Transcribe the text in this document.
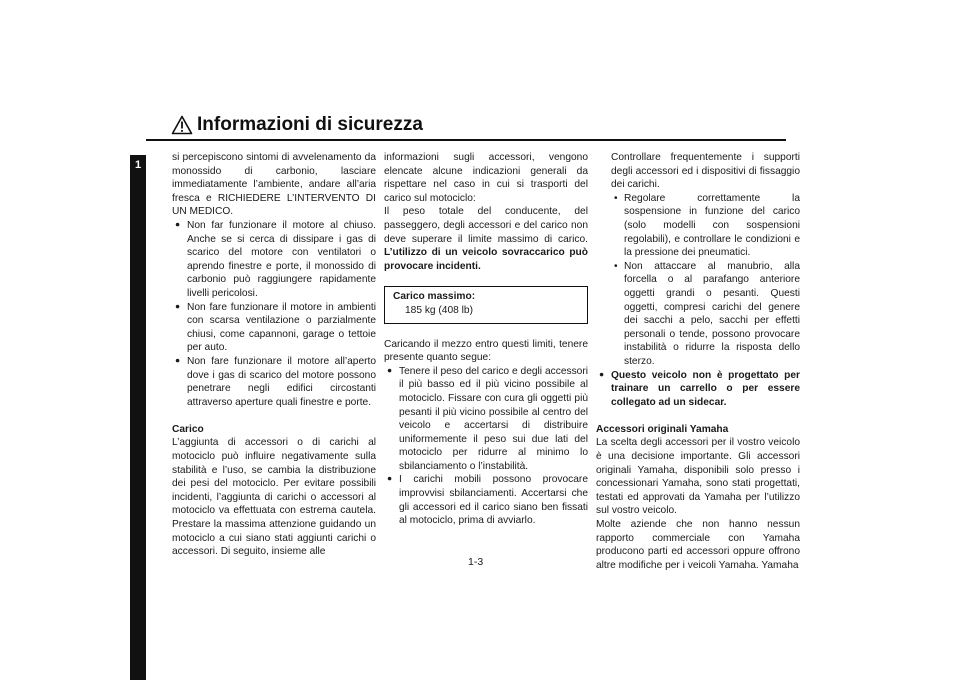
1
Informazioni di sicurezza

si percepiscono sintomi di avvelenamento da monossido di carbonio, lasciare immediatamente l’ambiente, andare all’aria fresca e RICHIEDERE L’INTERVENTO DI UN MEDICO.

● Non far funzionare il motore al chiuso. Anche se si cerca di dissipare i gas di scarico del motore con ventilatori o aprendo finestre e porte, il monossido di carbonio può raggiungere rapidamente livelli pericolosi.

● Non fare funzionare il motore in ambienti con scarsa ventilazione o parzialmente chiusi, come capannoni, garage o tettoie per auto.

● Non fare funzionare il motore all’aperto dove i gas di scarico del motore possono penetrare negli edifici circostanti attraverso aperture quali finestre e porte.

Carico

L’aggiunta di accessori o di carichi al motociclo può influire negativamente sulla stabilità e l’uso, se cambia la distribuzione dei pesi del motociclo. Per evitare possibili incidenti, l’aggiunta di carichi o accessori al motociclo va effettuata con estrema cautela. Prestare la massima attenzione guidando un motociclo a cui siano stati aggiunti carichi o accessori. Di seguito, insieme alle

informazioni sugli accessori, vengono elencate alcune indicazioni generali da rispettare nel caso in cui si trasporti del carico sul motociclo:

Il peso totale del conducente, del passeggero, degli accessori e del carico non deve superare il limite massimo di carico. L’utilizzo di un veicolo sovraccarico può provocare incidenti.

Carico massimo:

185 kg (408 lb)

Caricando il mezzo entro questi limiti, tenere presente quanto segue:

● Tenere il peso del carico e degli accessori il più basso ed il più vicino possibile al motociclo. Fissare con cura gli oggetti più pesanti il più vicino possibile al centro del veicolo e accertarsi di distribuire uniformemente il peso sui due lati del motociclo per ridurre al minimo lo sbilanciamento o l’instabilità.

● I carichi mobili possono provocare improvvisi sbilanciamenti. Accertarsi che gli accessori ed il carico siano ben fissati al motociclo, prima di avviarlo.

Controllare frequentemente i supporti degli accessori ed i dispositivi di fissaggio dei carichi.

• Regolare correttamente la sospensione in funzione del carico (solo modelli con sospensioni regolabili), e controllare le condizioni e la pressione dei pneumatici.

• Non attaccare al manubrio, alla forcella o al parafango anteriore oggetti grandi o pesanti. Questi oggetti, compresi carichi del genere dei sacchi a pelo, sacchi per effetti personali o tende, possono provocare instabilità o ridurre la risposta dello sterzo.

● Questo veicolo non è progettato per trainare un carrello o per essere collegato ad un sidecar.

Accessori originali Yamaha

La scelta degli accessori per il vostro veicolo è una decisione importante. Gli accessori originali Yamaha, disponibili solo presso i concessionari Yamaha, sono stati progettati, testati ed approvati da Yamaha per l’utilizzo sul vostro veicolo.

Molte aziende che non hanno nessun rapporto commerciale con Yamaha producono parti ed accessori oppure offrono altre modifiche per i veicoli Yamaha. Yamaha

1-3
